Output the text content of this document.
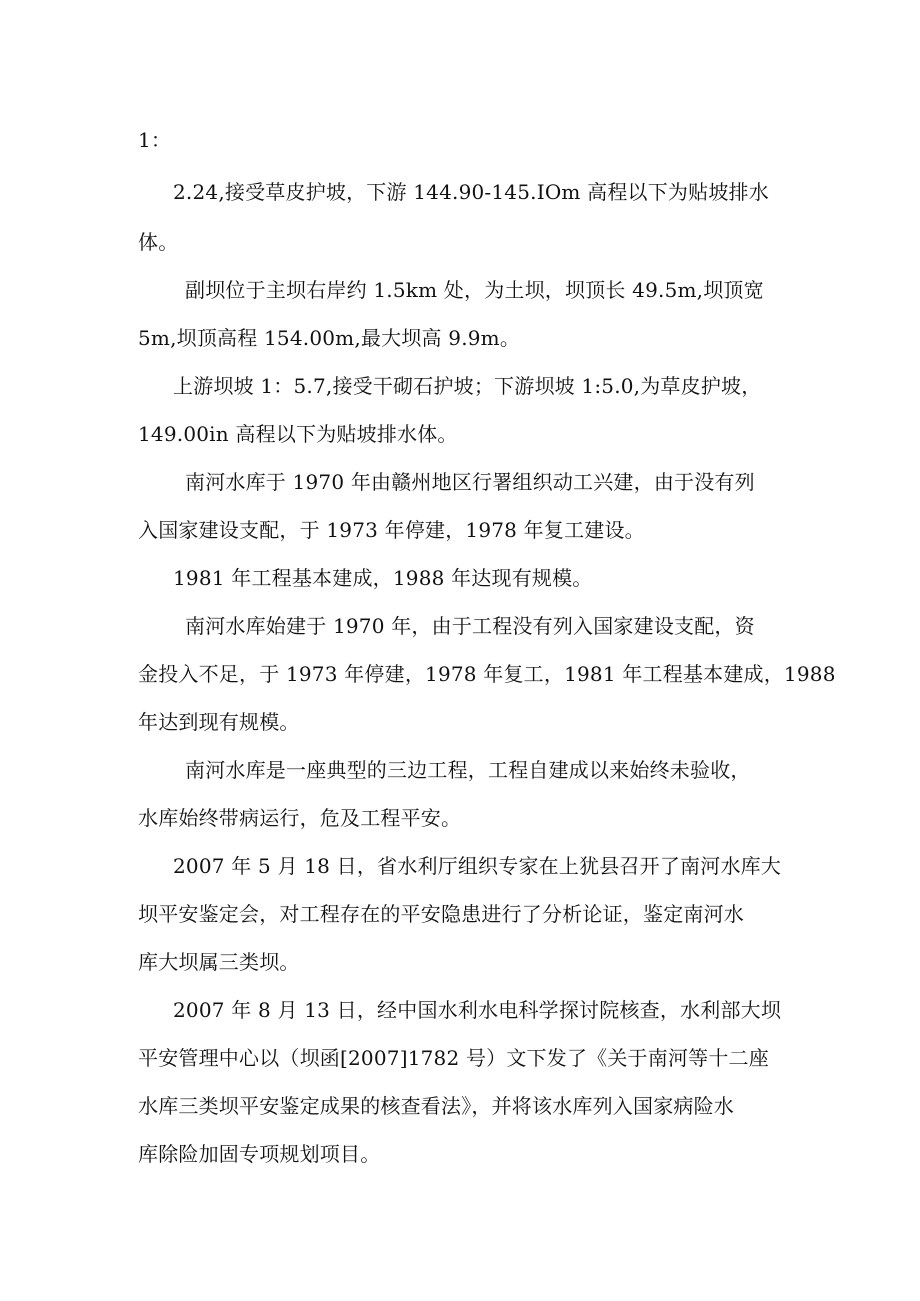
1：
2.24,接受草皮护坡，下游 144.90-145.IOm 高程以下为贴坡排水
体。
副坝位于主坝右岸约 1.5km 处，为土坝，坝顶长 49.5m,坝顶宽
5m,坝顶高程 154.00m,最大坝高 9.9m。
上游坝坡 1：5.7,接受干砌石护坡；下游坝坡 1:5.0,为草皮护坡，
149.00in 高程以下为贴坡排水体。
南河水库于 1970 年由赣州地区行署组织动工兴建，由于没有列
入国家建设支配，于 1973 年停建，1978 年复工建设。
1981 年工程基本建成，1988 年达现有规模。
南河水库始建于 1970 年，由于工程没有列入国家建设支配，资
金投入不足，于 1973 年停建，1978 年复工，1981 年工程基本建成，1988
年达到现有规模。
南河水库是一座典型的三边工程，工程自建成以来始终未验收，
水库始终带病运行，危及工程平安。
2007 年 5 月 18 日，省水利厅组织专家在上犹县召开了南河水库大
坝平安鉴定会，对工程存在的平安隐患进行了分析论证，鉴定南河水
库大坝属三类坝。
2007 年 8 月 13 日，经中国水利水电科学探讨院核查，水利部大坝
平安管理中心以（坝函[2007]1782 号）文下发了《关于南河等十二座
水库三类坝平安鉴定成果的核查看法》，并将该水库列入国家病险水
库除险加固专项规划项目。
